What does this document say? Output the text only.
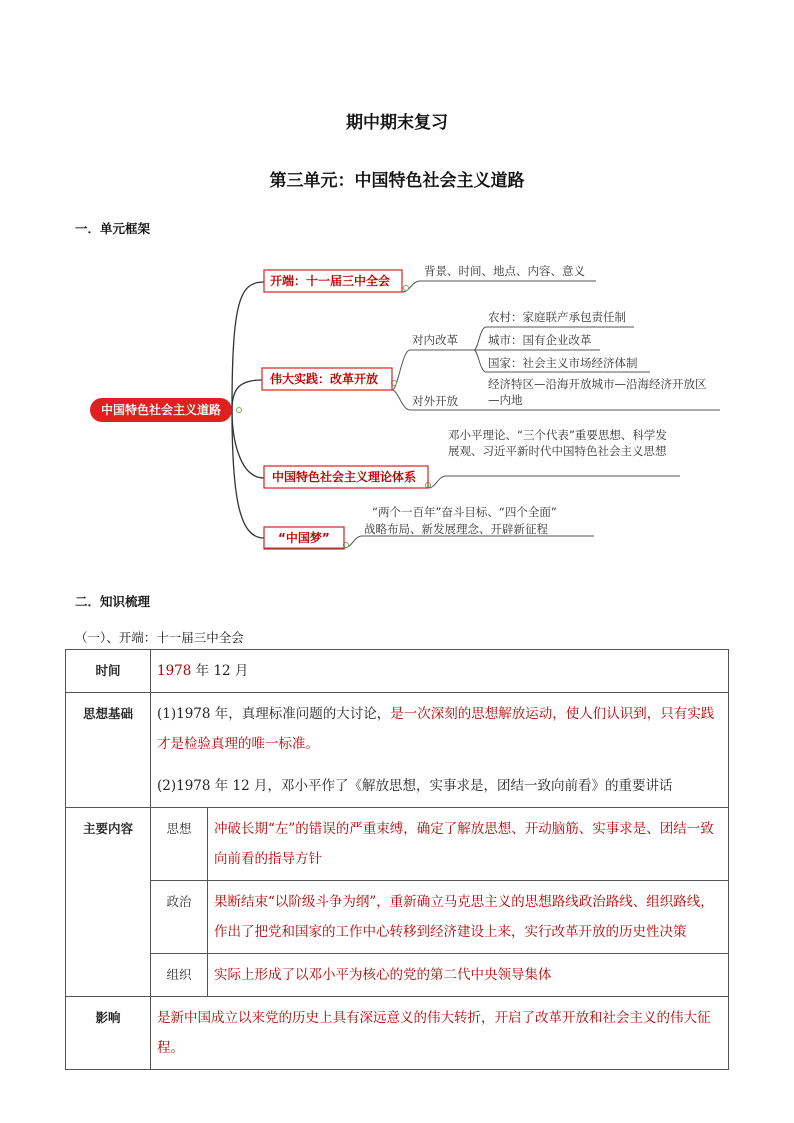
期中期末复习
第三单元：中国特色社会主义道路
一．单元框架
中国特色社会主义道路
开端：十一届三中全会
背景、时间、地点、内容、意义
伟大实践：改革开放
对内改革
农村：家庭联产承包责任制
城市：国有企业改革
国家：社会主义市场经济体制
对外开放
经济特区—沿海开放城市—沿海经济开放区—内地
中国特色社会主义理论体系
邓小平理论、“三个代表”重要思想、科学发展观、习近平新时代中国特色社会主义思想
“中国梦”
“两个一百年”奋斗目标、“四个全面”
战略布局、新发展理念、开辟新征程
二．知识梳理
（一）、开端：十一届三中全会
时间	1978 年 12 月	
思想基础	(1)1978 年，真理标准问题的大讨论，是一次深刻的思想解放运动，使人们认识到，只有实践才是检验真理的唯一标准。
(2)1978 年 12 月，邓小平作了《解放思想，实事求是，团结一致向前看》的重要讲话	

主要内容	思想	冲破长期“左”的错误的严重束缚，确定了解放思想、开动脑筋、实事求是、团结一致向前看的指导方针
	政治	果断结束“以阶级斗争为纲”，重新确立马克思主义的思想路线政治路线、组织路线，作出了把党和国家的工作中心转移到经济建设上来，实行改革开放的历史性决策
	组织	实际上形成了以邓小平为核心的党的第二代中央领导集体
影响	是新中国成立以来党的历史上具有深远意义的伟大转折，开启了改革开放和社会主义的伟大征程。	
